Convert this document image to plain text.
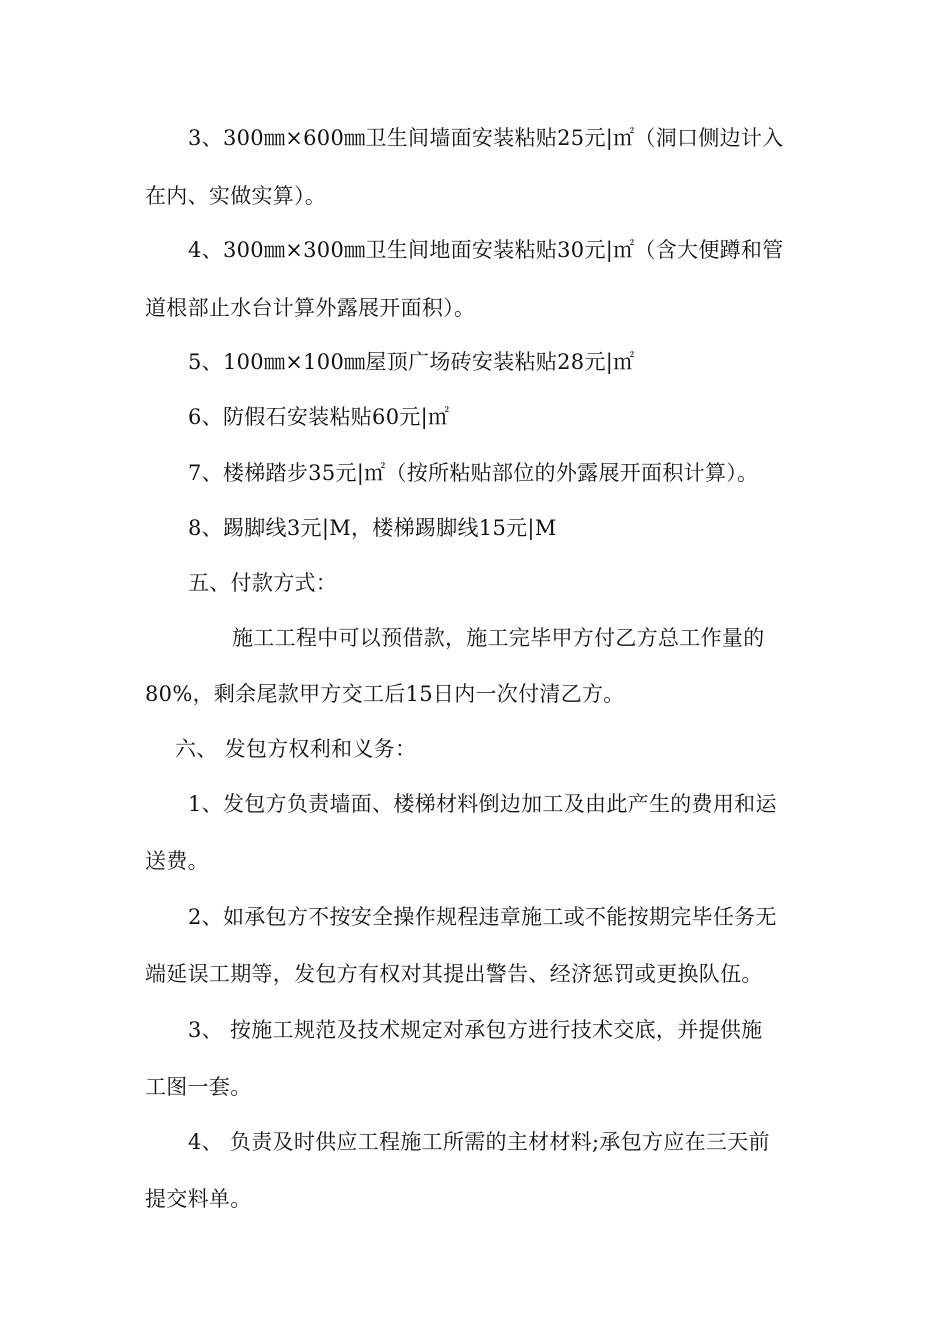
3、300㎜×600㎜卫生间墙面安装粘贴25元|㎡（洞口侧边计入
在内、实做实算）。
4、300㎜×300㎜卫生间地面安装粘贴30元|㎡（含大便蹲和管
道根部止水台计算外露展开面积）。
5、100㎜×100㎜屋顶广场砖安装粘贴28元|㎡
6、防假石安装粘贴60元|㎡
7、楼梯踏步35元|㎡（按所粘贴部位的外露展开面积计算）。
8、踢脚线3元|M，楼梯踢脚线15元|M
五、付款方式：
施工工程中可以预借款，施工完毕甲方付乙方总工作量的
80%，剩余尾款甲方交工后15日内一次付清乙方。
六、 发包方权利和义务：
1、发包方负责墙面、楼梯材料倒边加工及由此产生的费用和运
送费。
2、如承包方不按安全操作规程违章施工或不能按期完毕任务无
端延误工期等，发包方有权对其提出警告、经济惩罚或更换队伍。
3、 按施工规范及技术规定对承包方进行技术交底，并提供施
工图一套。
4、 负责及时供应工程施工所需的主材材料;承包方应在三天前
提交料单。
